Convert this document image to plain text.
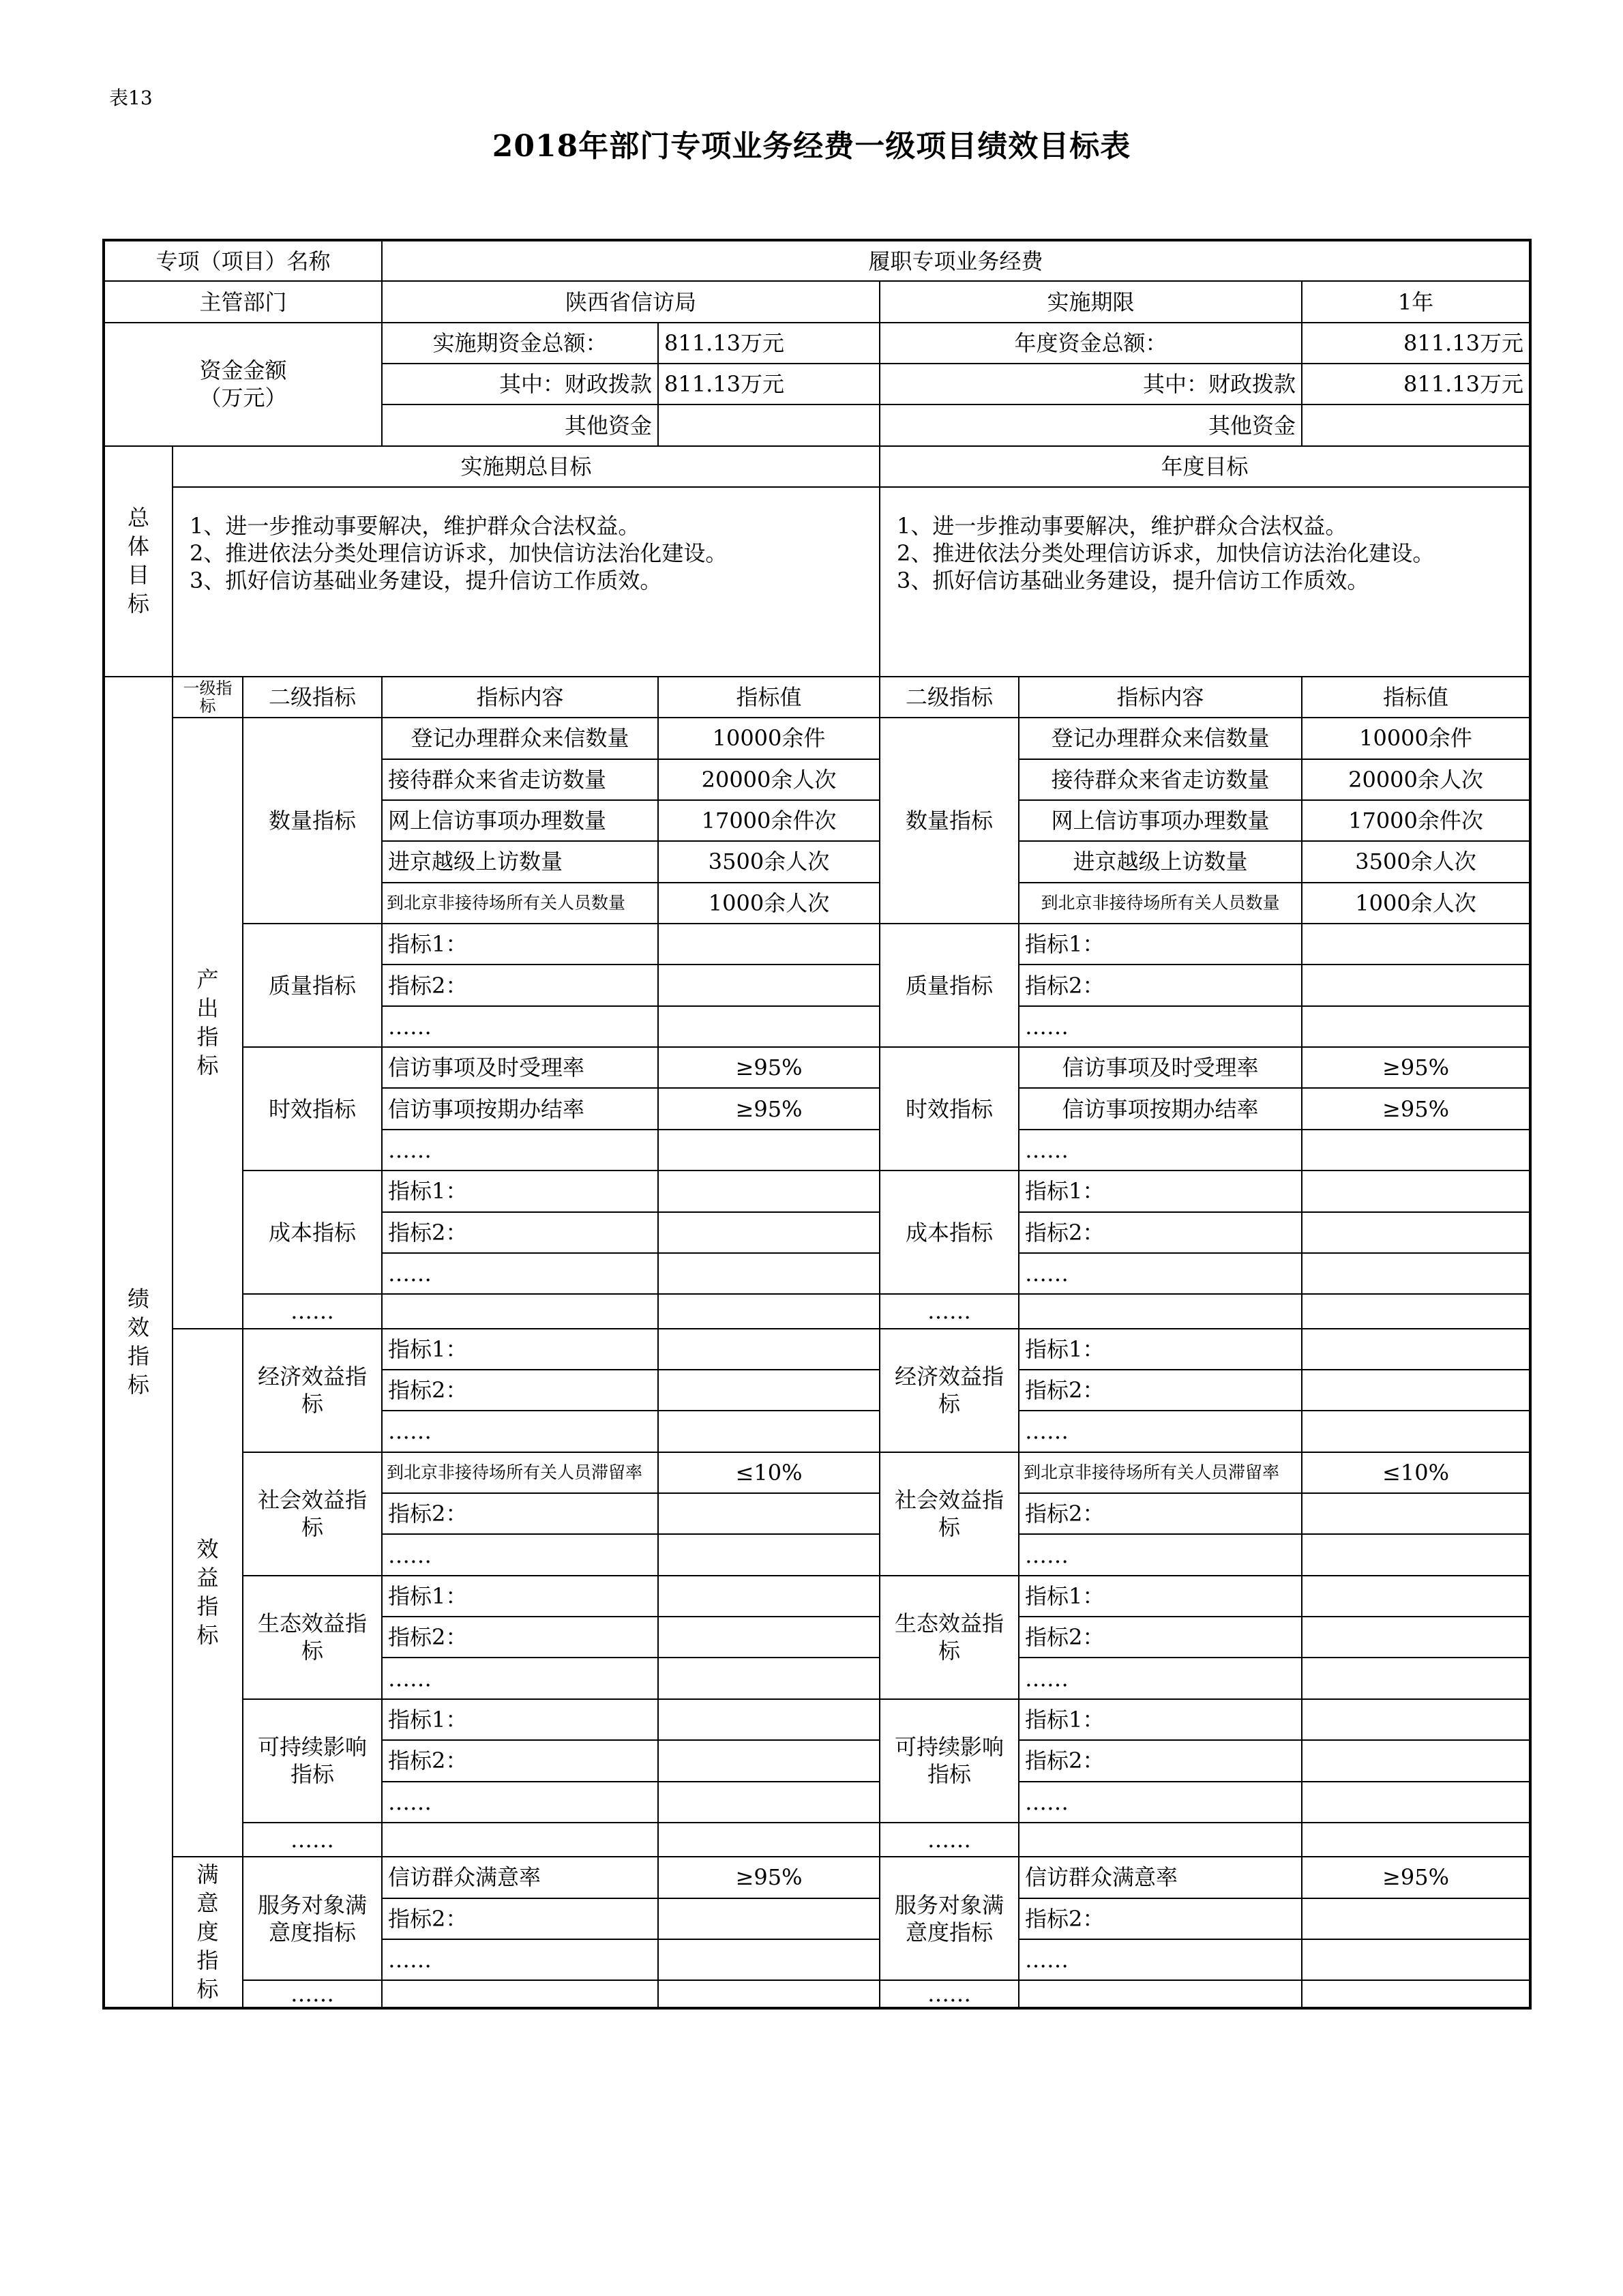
表13
2018年部门专项业务经费一级项目绩效目标表
专项（项目）名称			履职专项业务经费				
主管部门			陕西省信访局		实施期限		1年

资金金额
（万元）			实施期资金总额：	811.13万元	年度资金总额：		811.13万元
			其中：财政拨款	811.13万元	其中：财政拨款		811.13万元
			其他资金		其他资金		
总体目标	实施期总目标				年度目标		

	1、进一步推动事要解决，维护群众合法权益。
2、推进依法分类处理信访诉求，加快信访法治化建设。
3、抓好信访基础业务建设，提升信访工作质效。				1、进一步推动事要解决，维护群众合法权益。
2、推进依法分类处理信访诉求，加快信访法治化建设。
3、抓好信访基础业务建设，提升信访工作质效。		

绩效指标	一级指标	二级指标	指标内容	指标值	二级指标	指标内容	指标值
	产出指标	数量指标	登记办理群众来信数量	10000余件	数量指标	登记办理群众来信数量	10000余件
			接待群众来省走访数量	20000余人次		接待群众来省走访数量	20000余人次
			网上信访事项办理数量	17000余件次		网上信访事项办理数量	17000余件次
			进京越级上访数量	3500余人次		进京越级上访数量	3500余人次
			到北京非接待场所有关人员数量	1000余人次		到北京非接待场所有关人员数量	1000余人次
		质量指标	指标1：		质量指标	指标1：	
			指标2：			指标2：	
			……			……	
		时效指标	信访事项及时受理率	≥95%	时效指标	信访事项及时受理率	≥95%
			信访事项按期办结率	≥95%		信访事项按期办结率	≥95%
			……			……	
		成本指标	指标1：		成本指标	指标1：	
			指标2：			指标2：	
			……			……	
		……			……		
	效益指标	经济效益指标	指标1：		经济效益指标	指标1：	
			指标2：			指标2：	
			……			……	
		社会效益指标	到北京非接待场所有关人员滞留率	≤10%	社会效益指标	到北京非接待场所有关人员滞留率	≤10%
			指标2：			指标2：	
			……			……	
		生态效益指标	指标1：		生态效益指标	指标1：	
			指标2：			指标2：	
			……			……	
		可持续影响指标	指标1：		可持续影响指标	指标1：	
			指标2：			指标2：	
			……			……	
		……			……		
	满意度指标	服务对象满意度指标	信访群众满意率	≥95%	服务对象满意度指标	信访群众满意率	≥95%
			指标2：			指标2：	
			……			……	
		……			……		
